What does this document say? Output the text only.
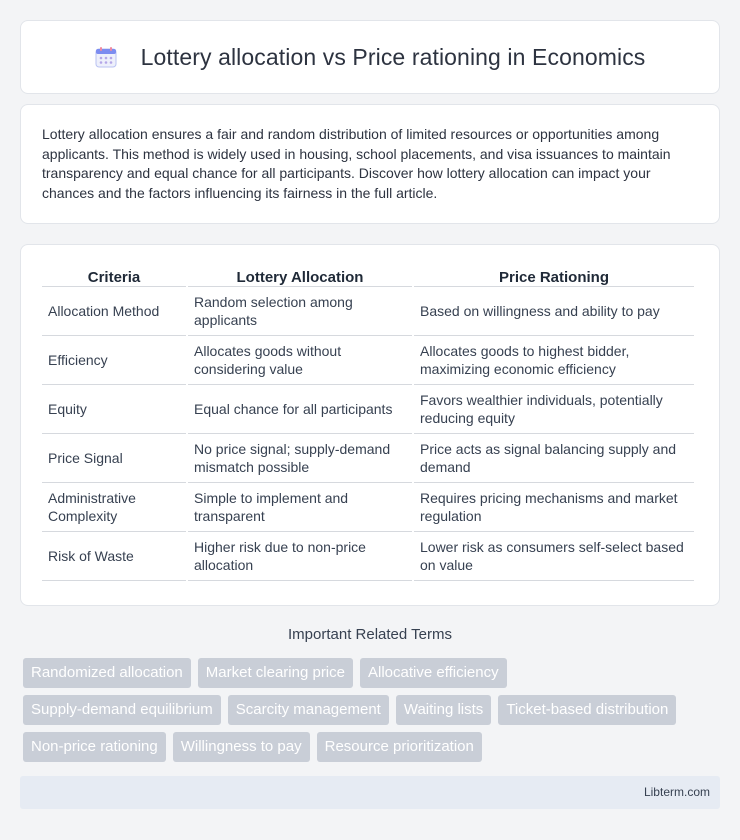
Lottery allocation vs Price rationing in Economics

Lottery allocation ensures a fair and random distribution of limited resources or opportunities among applicants. This method is widely used in housing, school placements, and visa issuances to maintain transparency and equal chance for all participants. Discover how lottery allocation can impact your chances and the factors influencing its fairness in the full article.

Criteria	Lottery Allocation	Price Rationing
Allocation Method	Random selection among applicants	Based on willingness and ability to pay
Efficiency	Allocates goods without considering value	Allocates goods to highest bidder, maximizing economic efficiency
Equity	Equal chance for all participants	Favors wealthier individuals, potentially reducing equity
Price Signal	No price signal; supply-demand mismatch possible	Price acts as signal balancing supply and demand
Administrative Complexity	Simple to implement and transparent	Requires pricing mechanisms and market regulation
Risk of Waste	Higher risk due to non-price allocation	Lower risk as consumers self-select based on value
Important Related Terms
Randomized allocation	Market clearing price	Allocative efficiency
Supply-demand equilibrium	Scarcity management	Waiting lists	Ticket-based distribution
Non-price rationing	Willingness to pay	Resource prioritization
Libterm.com
